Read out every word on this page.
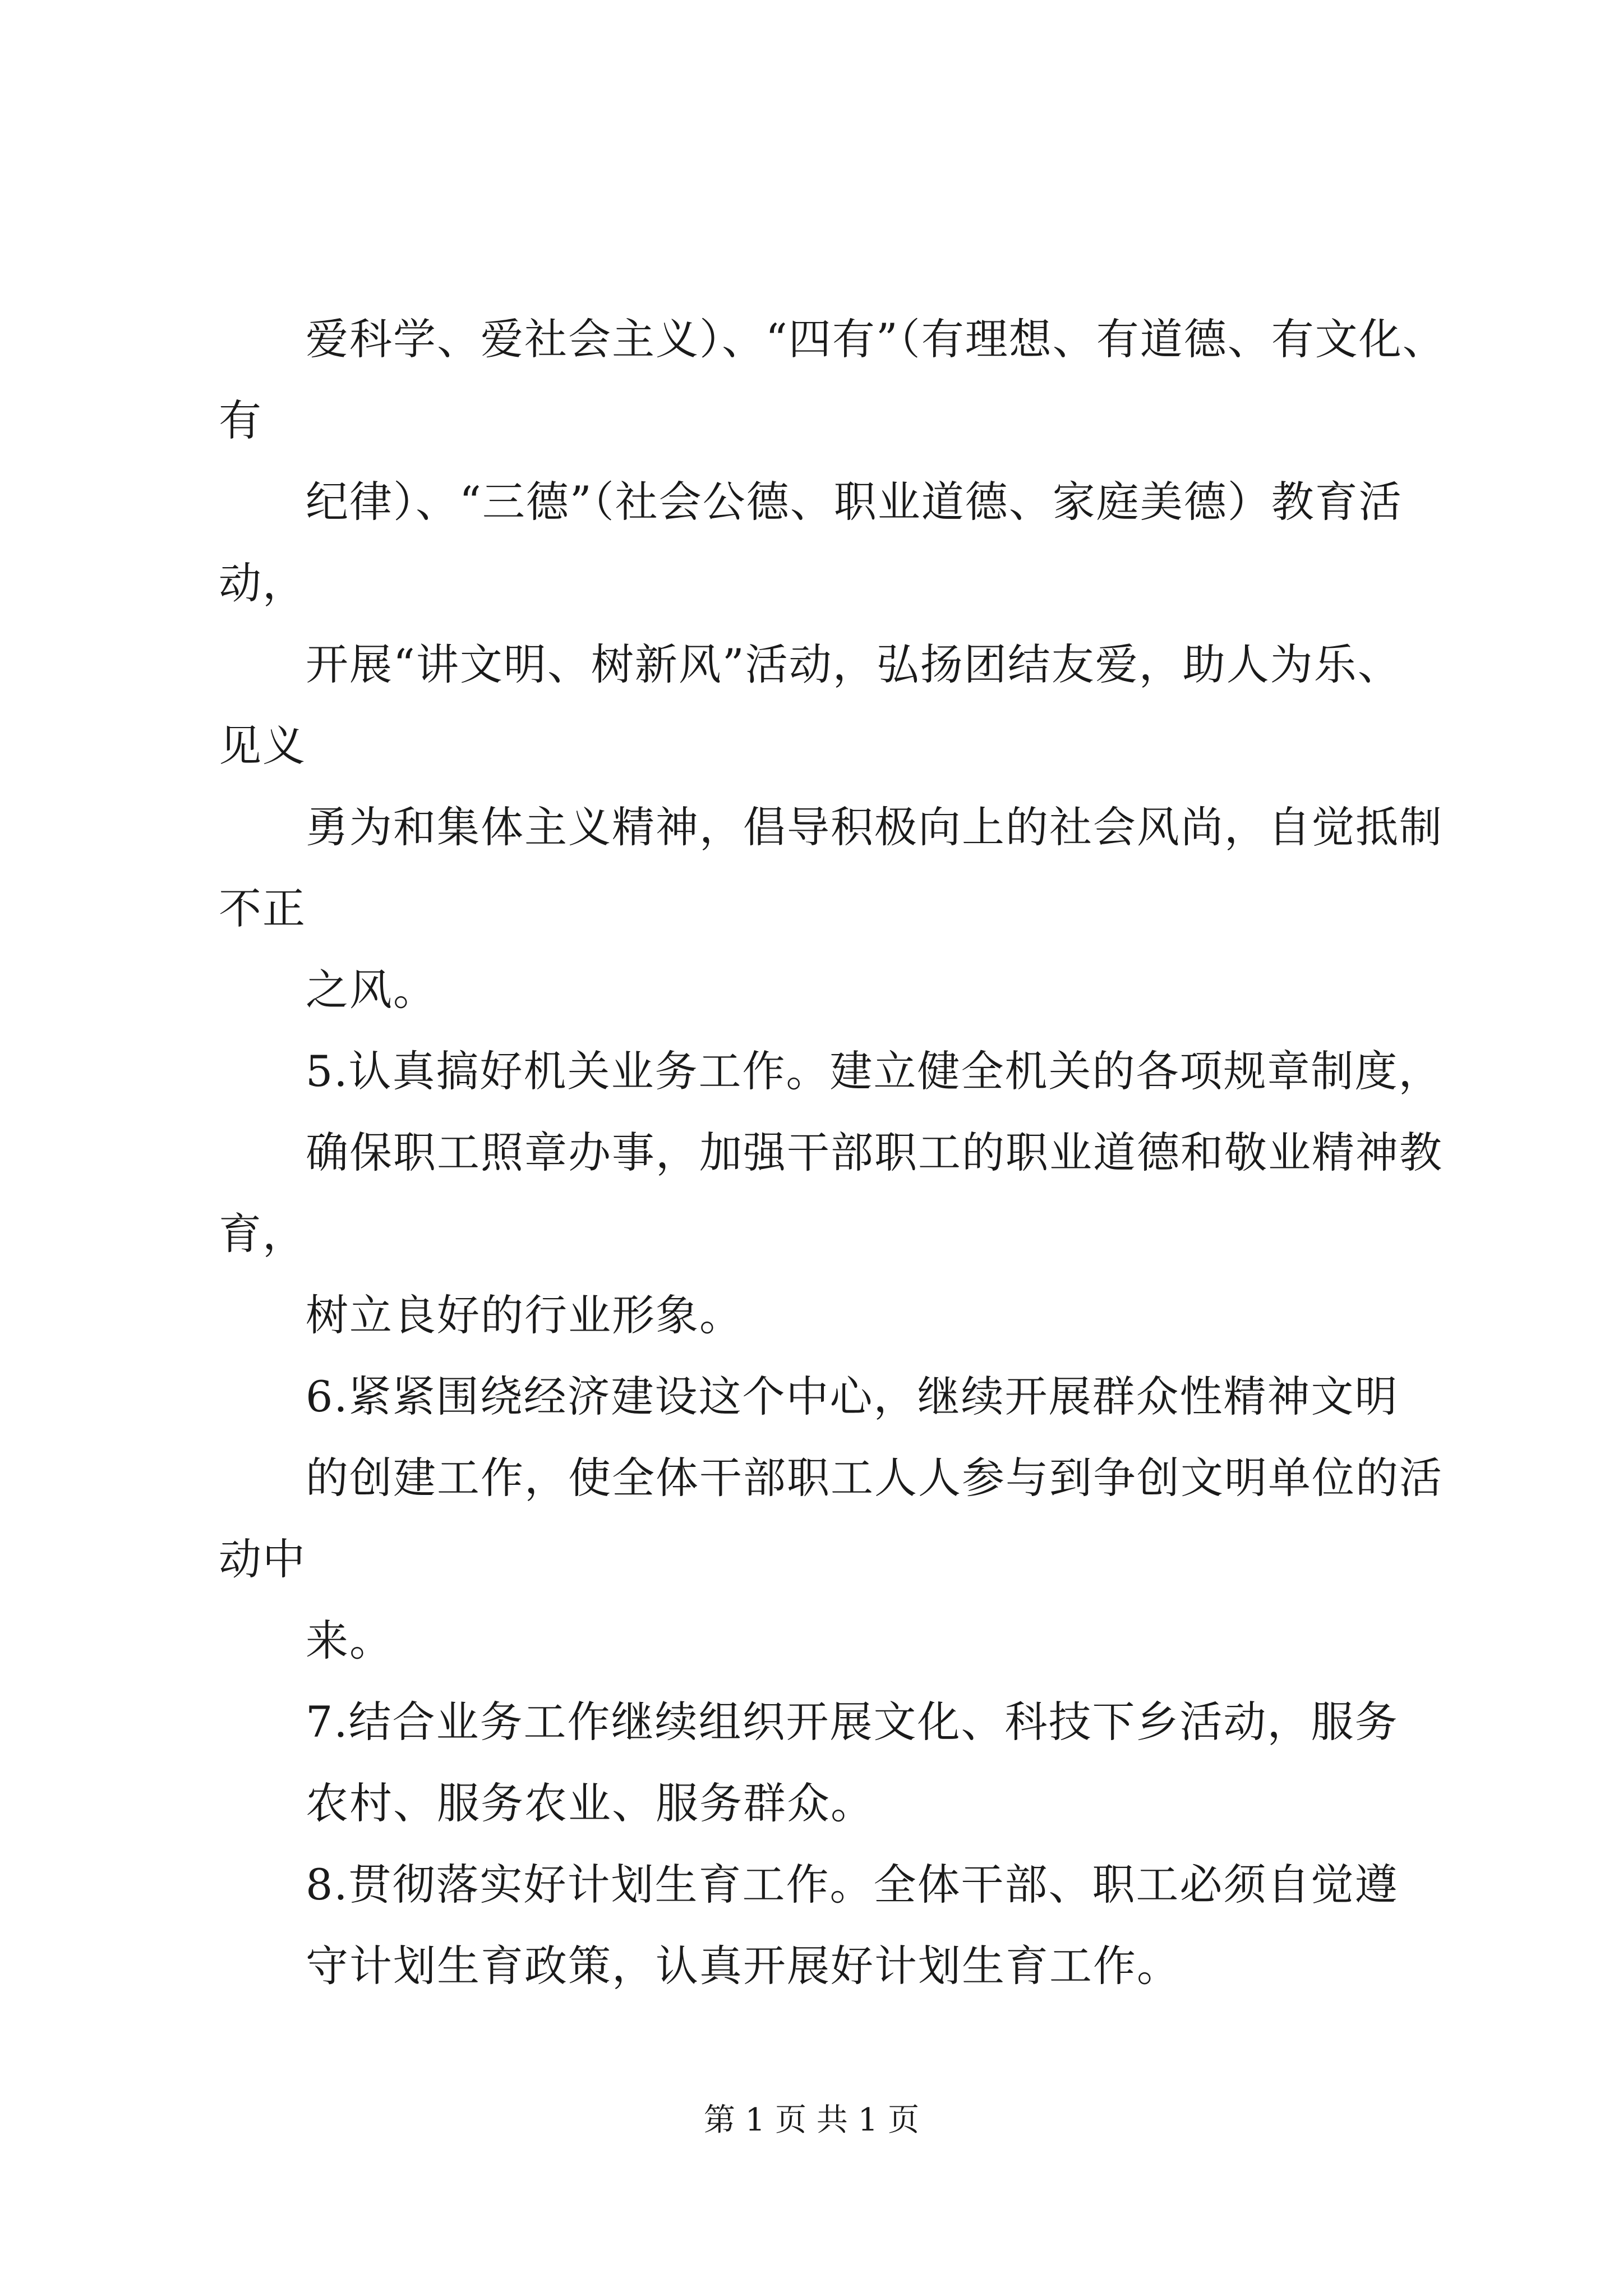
爱科学、爱社会主义）、“四有”（有理想、有道德、有文化、
有
纪律）、“三德”（社会公德、职业道德、家庭美德）教育活
动，
开展“讲文明、树新风”活动，弘扬团结友爱，助人为乐、
见义
勇为和集体主义精神，倡导积极向上的社会风尚，自觉抵制
不正
之风。
5.认真搞好机关业务工作。建立健全机关的各项规章制度，
确保职工照章办事，加强干部职工的职业道德和敬业精神教
育，
树立良好的行业形象。
6.紧紧围绕经济建设这个中心，继续开展群众性精神文明
的创建工作，使全体干部职工人人参与到争创文明单位的活
动中
来。
7.结合业务工作继续组织开展文化、科技下乡活动，服务
农村、服务农业、服务群众。
8.贯彻落实好计划生育工作。全体干部、职工必须自觉遵
守计划生育政策，认真开展好计划生育工作。
第 1 页 共 1 页
